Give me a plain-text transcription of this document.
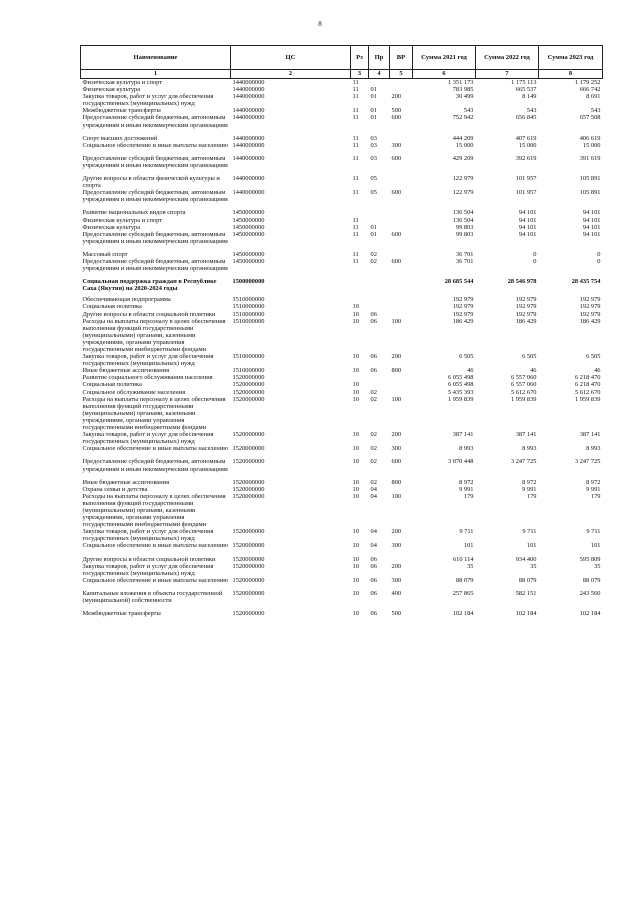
8
Наименование	ЦС	Рз	Пр	ВР	Сумма 2021 год	Сумма 2022 год	Сумма 2023 год
1	2	3	4	5	6	7	8
Физическая культура и спорт	1440000000	11			1 351 173	1 175 113	1 179 252
Физическая культура	1440000000	11	01		783 985	665 537	666 742
Закупка товаров, работ и услуг для обеспечения государственных (муниципальных) нужд	1440000000	11	01	200	30 499	8 149	8 691
Межбюджетные трансферты	1440000000	11	01	500	543	543	543
Предоставление субсидий бюджетным, автономным учреждениям и иным некоммерческим организациям	1440000000	11	01	600	752 942	656 845	657 508

Спорт высших достижений	1440000000	11	03		444 209	407 619	406 619
Социальное обеспечение и иные выплаты населению	1440000000	11	03	300	15 000	15 000	15 000

Предоставление субсидий бюджетным, автономным учреждениям и иным некоммерческим организациям	1440000000	11	03	600	429 209	392 619	391 619

Другие вопросы в области физической культуры и спорта	1440000000	11	05		122 979	101 957	105 891
Предоставление субсидий бюджетным, автономным учреждениям и иным некоммерческим организациям	1440000000	11	05	600	122 979	101 957	105 891

Развитие национальных видов спорта	1450000000				136 504	94 101	94 101
Физическая культура и спорт	1450000000	11			136 504	94 101	94 101
Физическая культура	1450000000	11	01		99 803	94 101	94 101
Предоставление субсидий бюджетным, автономным учреждениям и иным некоммерческим организациям	1450000000	11	01	600	99 803	94 101	94 101

Массовый спорт	1450000000	11	02		36 701	0	0
Предоставление субсидий бюджетным, автономным учреждениям и иным некоммерческим организациям	1450000000	11	02	600	36 701	0	0

Социальная поддержка граждан в Республике Саха (Якутия) на 2020-2024 годы	1500000000				28 685 544	28 546 978	28 435 754

Обеспечивающая подпрограмма	1510000000				192 979	192 979	192 979
Социальная политика	1510000000	10			192 979	192 979	192 979
Другие вопросы в области социальной политики	1510000000	10	06		192 979	192 979	192 979
Расходы на выплаты персоналу в целях обеспечения выполнения функций государственными (муниципальными) органами, казенными учреждениями, органами управления государственными внебюджетными фондами	1510000000	10	06	100	186 429	186 429	186 429
Закупка товаров, работ и услуг для обеспечения государственных (муниципальных) нужд	1510000000	10	06	200	6 505	6 505	6 505
Иные бюджетные ассигнования	1510000000	10	06	800	46	46	46
Развитие социального обслуживания населения	1520000000				6 055 498	6 557 060	6 218 470
Социальная политика	1520000000	10			6 055 498	6 557 060	6 218 470
Социальное обслуживание населения	1520000000	10	02		5 435 393	5 612 670	5 612 670
Расходы на выплаты персоналу в целях обеспечения выполнения функций государственными (муниципальными) органами, казенными учреждениями, органами управления государственными внебюджетными фондами	1520000000	10	02	100	1 959 839	1 959 839	1 959 839
Закупка товаров, работ и услуг для обеспечения государственных (муниципальных) нужд	1520000000	10	02	200	387 141	387 141	387 141
Социальное обеспечение и иные выплаты населению	1520000000	10	02	300	8 993	8 993	8 993

Предоставление субсидий бюджетным, автономным учреждениям и иным некоммерческим организациям	1520000000	10	02	600	3 070 448	3 247 725	3 247 725

Иные бюджетные ассигнования	1520000000	10	02	800	8 972	8 972	8 972
Охрана семьи и детства	1520000000	10	04		9 991	9 991	9 991
Расходы на выплаты персоналу в целях обеспечения выполнения функций государственными (муниципальными) органами, казенными учреждениями, органами управления государственными внебюджетными фондами	1520000000	10	04	100	179	179	179
Закупка товаров, работ и услуг для обеспечения государственных (муниципальных) нужд	1520000000	10	04	200	9 711	9 711	9 711
Социальное обеспечение и иные выплаты населению	1520000000	10	04	300	101	101	101

Другие вопросы в области социальной политики	1520000000	10	06		610 114	934 400	595 809
Закупка товаров, работ и услуг для обеспечения государственных (муниципальных) нужд	1520000000	10	06	200	35	35	35
Социальное обеспечение и иные выплаты населению	1520000000	10	06	300	88 079	88 079	88 079

Капитальные вложения в объекты государственной (муниципальной) собственности	1520000000	10	06	400	257 865	582 151	243 560

Межбюджетные трансферты	1520000000	10	06	500	102 184	102 184	102 184
